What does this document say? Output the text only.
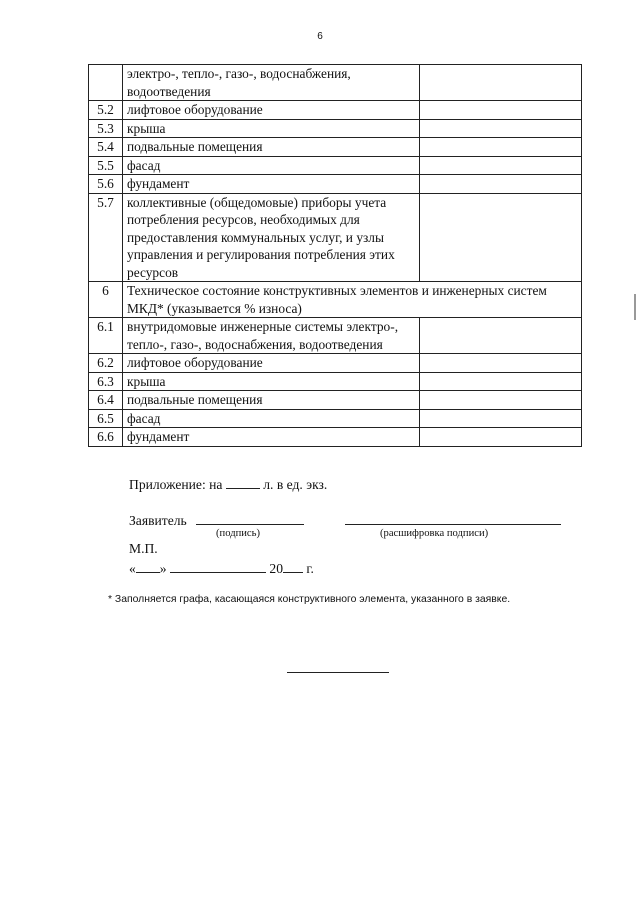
6
	электро-, тепло-, газо-, водоснабжения, водоотведения	
5.2	лифтовое оборудование	
5.3	крыша	
5.4	подвальные помещения	
5.5	фасад	
5.6	фундамент	
5.7	коллективные (общедомовые) приборы учета потребления ресурсов, необходимых для предоставления коммунальных услуг, и узлы управления и регулирования потребления этих ресурсов	
6	Техническое состояние конструктивных элементов и инженерных систем МКД* (указывается % износа)	
6.1	внутридомовые инженерные системы электро-, тепло-, газо-, водоснабжения, водоотведения	
6.2	лифтовое оборудование	
6.3	крыша	
6.4	подвальные помещения	
6.5	фасад	
6.6	фундамент	
Приложение: на	л. в ед. экз.
Заявитель
(подпись)	(расшифровка подписи)
М.П.
« »	20 г.
* Заполняется графа, касающаяся конструктивного элемента, указанного в заявке.
